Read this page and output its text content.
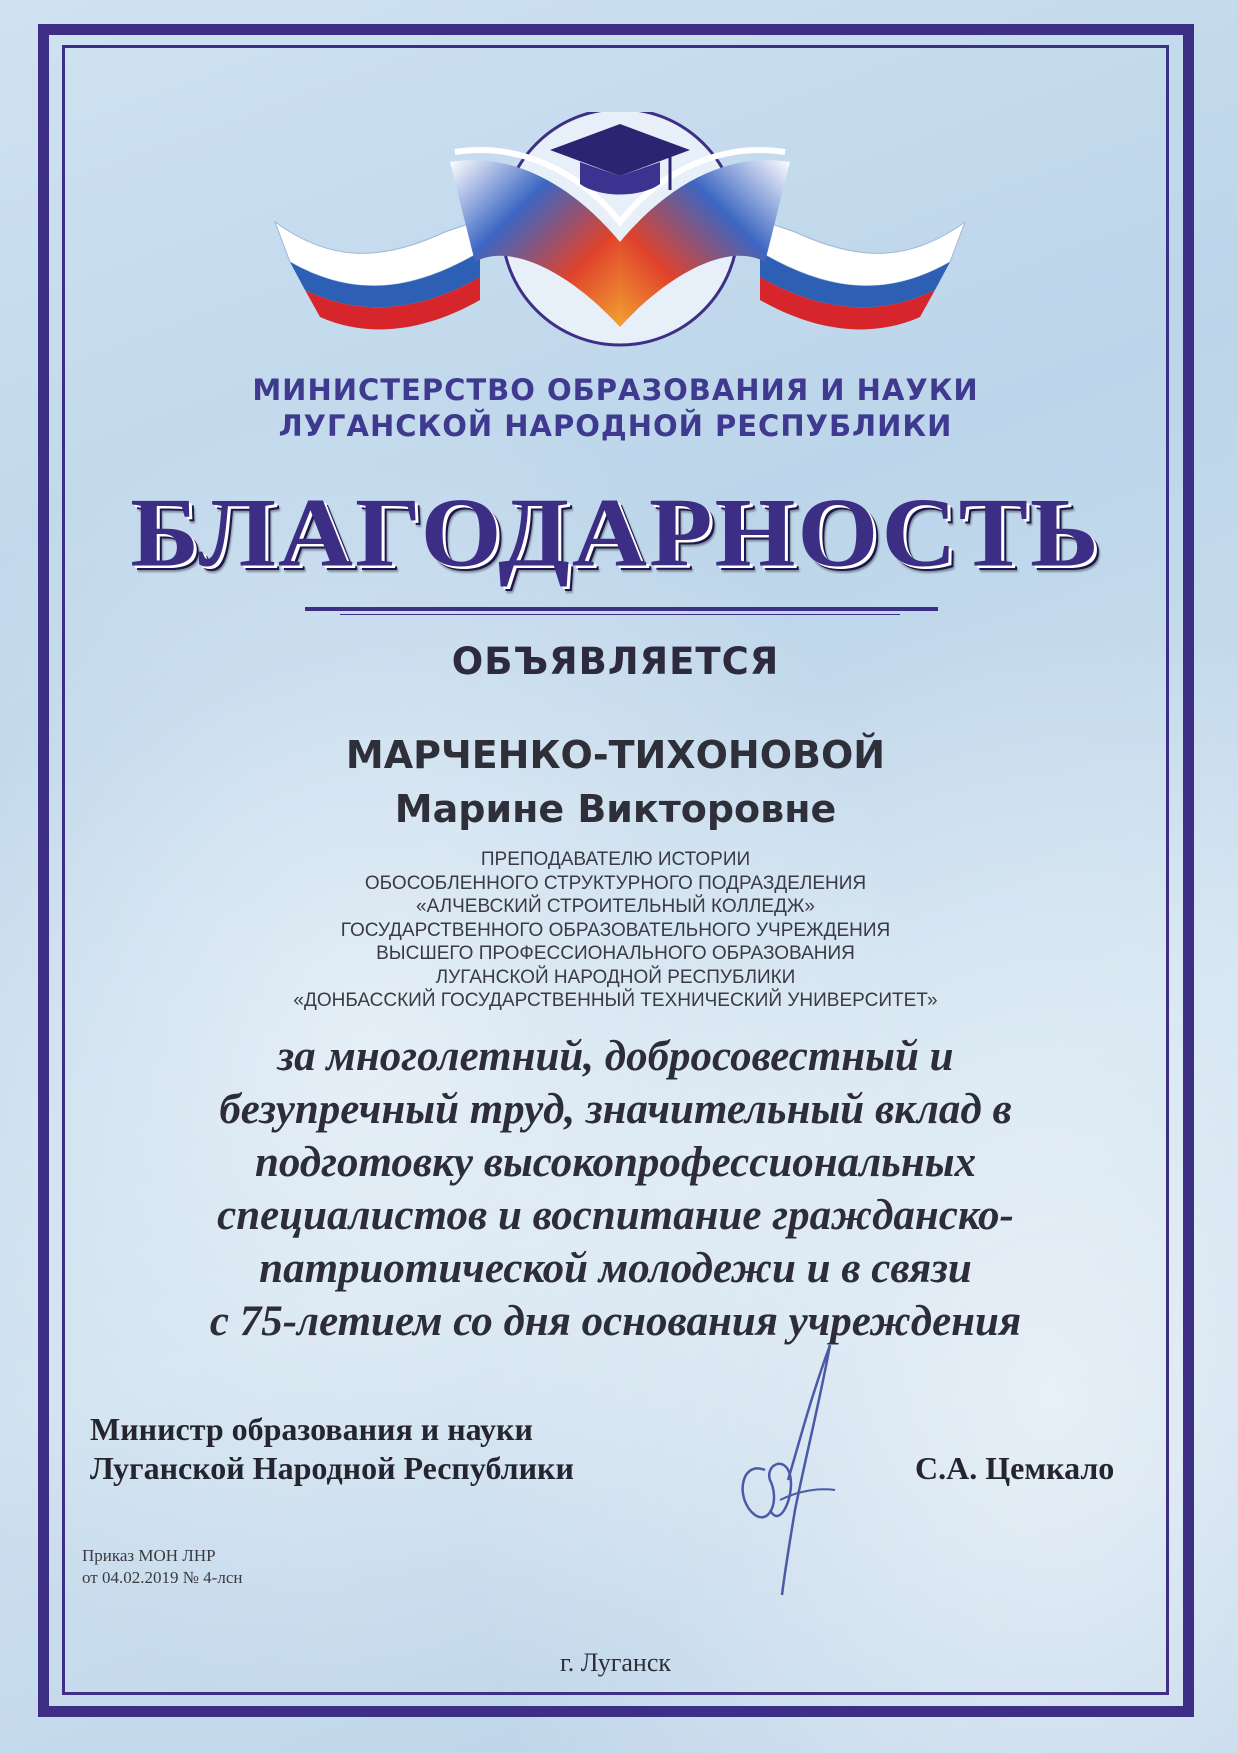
МИНИСТЕРСТВО ОБРАЗОВАНИЯ И НАУКИ
ЛУГАНСКОЙ НАРОДНОЙ РЕСПУБЛИКИ
БЛАГОДАРНОСТЬ
ОБЪЯВЛЯЕТСЯ
МАРЧЕНКО-ТИХОНОВОЙ
Марине Викторовне
ПРЕПОДАВАТЕЛЮ ИСТОРИИ
ОБОСОБЛЕННОГО СТРУКТУРНОГО ПОДРАЗДЕЛЕНИЯ
«АЛЧЕВСКИЙ СТРОИТЕЛЬНЫЙ КОЛЛЕДЖ»
ГОСУДАРСТВЕННОГО ОБРАЗОВАТЕЛЬНОГО УЧРЕЖДЕНИЯ
ВЫСШЕГО ПРОФЕССИОНАЛЬНОГО ОБРАЗОВАНИЯ
ЛУГАНСКОЙ НАРОДНОЙ РЕСПУБЛИКИ
«ДОНБАССКИЙ ГОСУДАРСТВЕННЫЙ ТЕХНИЧЕСКИЙ УНИВЕРСИТЕТ»
за многолетний, добросовестный и
безупречный труд, значительный вклад в
подготовку высокопрофессиональных
специалистов и воспитание гражданско-
патриотической молодежи и в связи
с 75-летием со дня основания учреждения
Министр образования и науки
Луганской Народной Республики	С.А. Цемкало
Приказ МОН ЛНР
от 04.02.2019 № 4-лсн
г. Луганск
